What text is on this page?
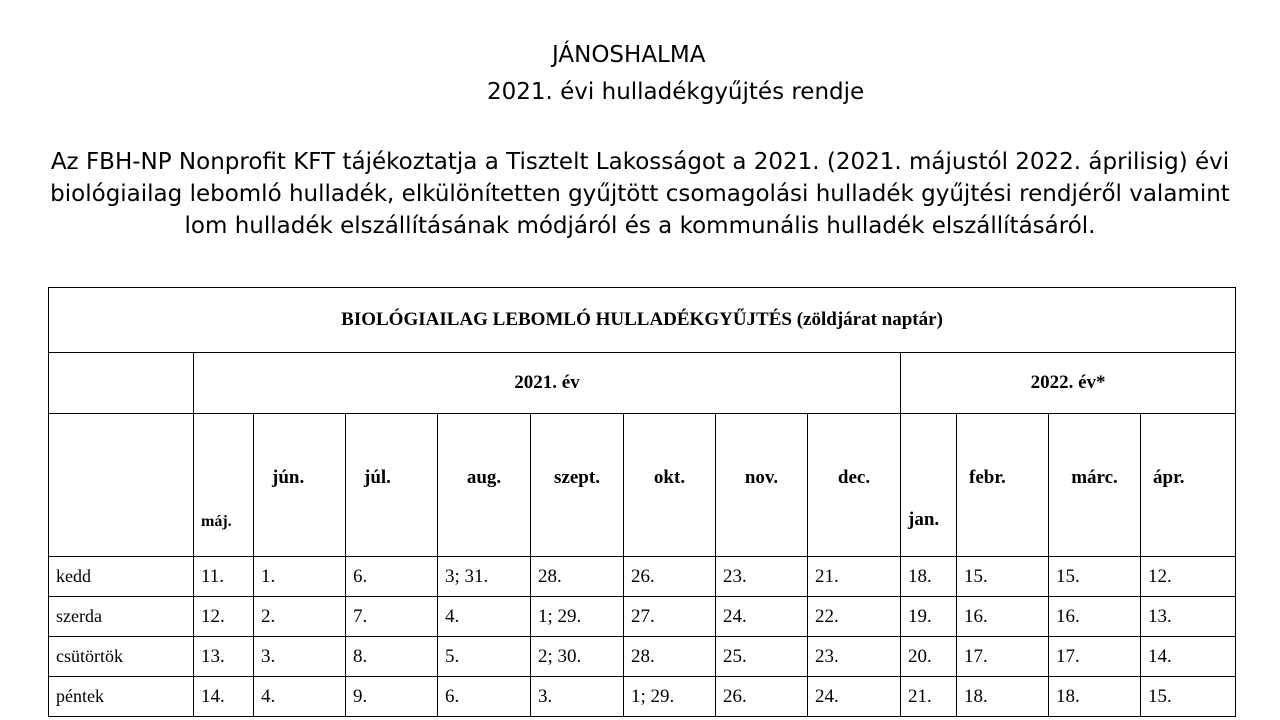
JÁNOSHALMA
2021. évi hulladékgyűjtés rendje
Az FBH-NP Nonprofit KFT tájékoztatja a Tisztelt Lakosságot a 2021. (2021. májustól 2022. áprilisig) évi biológiailag lebomló hulladék, elkülönítetten gyűjtött csomagolási hulladék gyűjtési rendjéről valamint lom hulladék elszállításának módjáról és a kommunális hulladék elszállításáról.
BIOLÓGIAILAG LEBOMLÓ HULLADÉKGYŰJTÉS (zöldjárat naptár)												
	2021. év								2022. év*			
	máj.	jún.	júl.	aug.	szept.	okt.	nov.	dec.	jan.	febr.	márc.	ápr.
kedd	11.	1.	6.	3; 31.	28.	26.	23.	21.	18.	15.	15.	12.
szerda	12.	2.	7.	4.	1; 29.	27.	24.	22.	19.	16.	16.	13.
csütörtök	13.	3.	8.	5.	2; 30.	28.	25.	23.	20.	17.	17.	14.
péntek	14.	4.	9.	6.	3.	1; 29.	26.	24.	21.	18.	18.	15.
